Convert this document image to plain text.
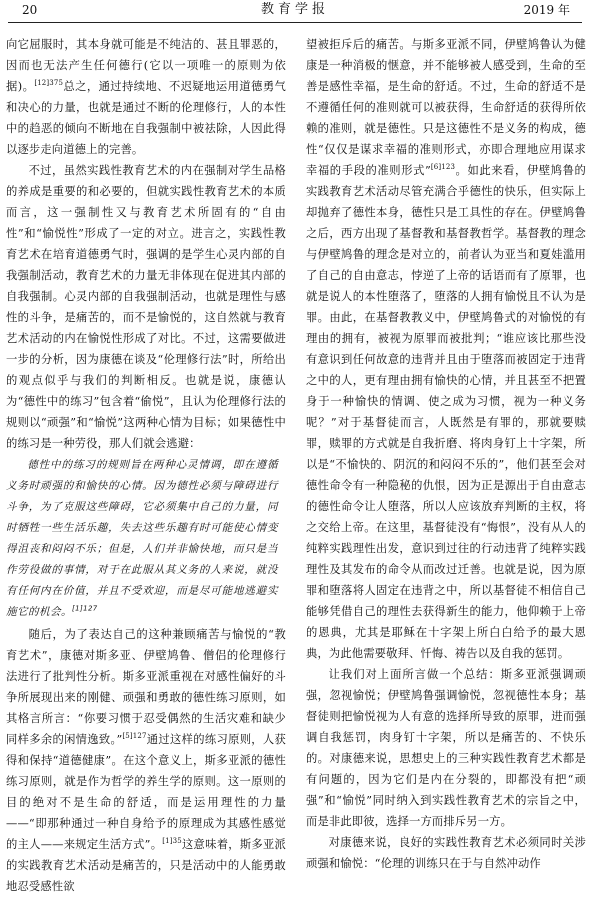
20	教育学报	2019 年

向它屈服时，其本身就可能是不纯洁的、甚且罪恶的，因而也无法产生任何德行(它以一项唯一的原则为依据)。$^{[12]375}$总之，通过持续地、不迟疑地运用道德勇气和决心的力量，也就是通过不断的伦理修行，人的本性中的趋恶的倾向不断地在自我强制中被祛除，人因此得以逐步走向道德上的完善。

不过，虽然实践性教育艺术的内在强制对学生品格的养成是重要的和必要的，但就实践性教育艺术的本质而言，这一强制性又与教育艺术所固有的“自由性”和“愉悦性”形成了一定的对立。进言之，实践性教育艺术在培育道德勇气时，强调的是学生心灵内部的自我强制活动，教育艺术的力量无非体现在促进其内部的自我强制。心灵内部的自我强制活动，也就是理性与感性的斗争，是痛苦的，而不是愉悦的，这自然就与教育艺术活动的内在愉悦性形成了对比。不过，这需要做进一步的分析，因为康德在谈及“伦理修行法”时，所给出的观点似乎与我们的判断相反。也就是说，康德认为“德性中的练习”包含着“偷悦”，且认为伦理修行法的规则以“顽强”和“愉悦”这两种心情为目标；如果德性中的练习是一种劳役，那人们就会逃避：

德性中的练习的规则旨在两种心灵情调，即在遵循义务时顽强的和愉快的心情。因为德性必须与障碍进行斗争，为了克服这些障碍，它必须集中自己的力量，同时牺牲一些生活乐趣，失去这些乐趣有时可能使心情变得沮丧和闷闷不乐；但是，人们并非愉快地，而只是当作劳役做的事情，对于在此服从其义务的人来说，就没有任何内在价值，并且不受欢迎，而是尽可能地逃避实施它的机会。$^{[1]127}$

随后，为了表达自己的这种兼顾痛苦与愉悦的“教育艺术”，康德对斯多亚、伊壁鸠鲁、僧侣的伦理修行法进行了批判性分析。斯多亚派重视在对感性偏好的斗争所展现出来的刚健、顽强和勇敢的德性练习原则，如其格言所言：“你要习惯于忍受偶然的生活灾难和缺少同样多余的闲情逸致。”$^{[5]127}$通过这样的练习原则，人获得和保持“道德健康”。在这个意义上，斯多亚派的德性练习原则，就是作为哲学的养生学的原则。这一原则的目的绝对不是生命的舒适，而是运用理性的力量——“即那种通过一种自身给予的原理成为其感性感觉的主人——来规定生活方式”。$^{[1]35}$这意味着，斯多亚派的实践教育艺术活动是痛苦的，只是活动中的人能勇敢地忍受感性欲

望被拒斥后的痛苦。与斯多亚派不同，伊壁鸠鲁认为健康是一种消极的惬意，并不能够被人感受到，生命的至善是感性幸福，是生命的舒适。不过，生命的舒适不是不遵循任何的准则就可以被获得，生命舒适的获得所依赖的准则，就是德性。只是这德性不是义务的构成，德性“仅仅是谋求幸福的准则形式，亦即合理地应用谋求幸福的手段的准则形式”$^{[6]123}$。如此来看，伊壁鸠鲁的实践教育艺术活动尽管充满合乎德性的快乐，但实际上却抛弃了德性本身，德性只是工具性的存在。伊壁鸠鲁之后，西方出现了基督教和基督教哲学。基督教的理念与伊壁鸠鲁的理念是对立的，前者认为亚当和夏娃滥用了自己的自由意志，悖逆了上帝的话语而有了原罪，也就是说人的本性堕落了，堕落的人拥有愉悦且不认为是罪。由此，在基督教教义中，伊壁鸠鲁式的对愉悦的有理由的拥有，被视为原罪而被批判；“谁应该比那些没有意识到任何故意的违背并且由于堕落而被固定于违背之中的人，更有理由拥有愉快的心情，并且甚至不把置身于一种愉快的情调、使之成为习惯，视为一种义务呢？”对于基督徒而言，人既然是有罪的，那就要赎罪，赎罪的方式就是自我折磨、将肉身钉上十字架，所以是“不愉快的、阴沉的和闷闷不乐的”，他们甚至会对德性命令有一种隐秘的仇恨，因为正是源出于自由意志的德性命令让人堕落，所以人应该放弃判断的主权，将之交给上帝。在这里，基督徒没有“悔恨”，没有从人的纯粹实践理性出发，意识到过往的行动违背了纯粹实践理性及其发布的命令从而改过迁善。也就是说，因为原罪和堕落将人固定在违背之中，所以基督徒不相信自己能够凭借自己的理性去获得新生的能力，他仰赖于上帝的恩典，尤其是耶稣在十字架上所白白给予的最大恩典，为此他需要敬拜、忏悔、祷告以及自我的惩罚。

让我们对上面所言做一个总结：斯多亚派强调顽强，忽视愉悦；伊壁鸠鲁强调愉悦，忽视德性本身；基督徒则把愉悦视为人有意的选择所导致的原罪，进而强调自我惩罚，肉身钉十字架，所以是痛苦的、不快乐的。对康德来说，思想史上的三种实践性教育艺术都是有问题的，因为它们是内在分裂的，即都没有把“顽强”和“愉悦”同时纳入到实践性教育艺术的宗旨之中，而是非此即彼，选择一方而排斥另一方。

对康德来说，良好的实践性教育艺术必须同时关涉顽强和愉悦：“伦理的训练只在于与自然冲动作
